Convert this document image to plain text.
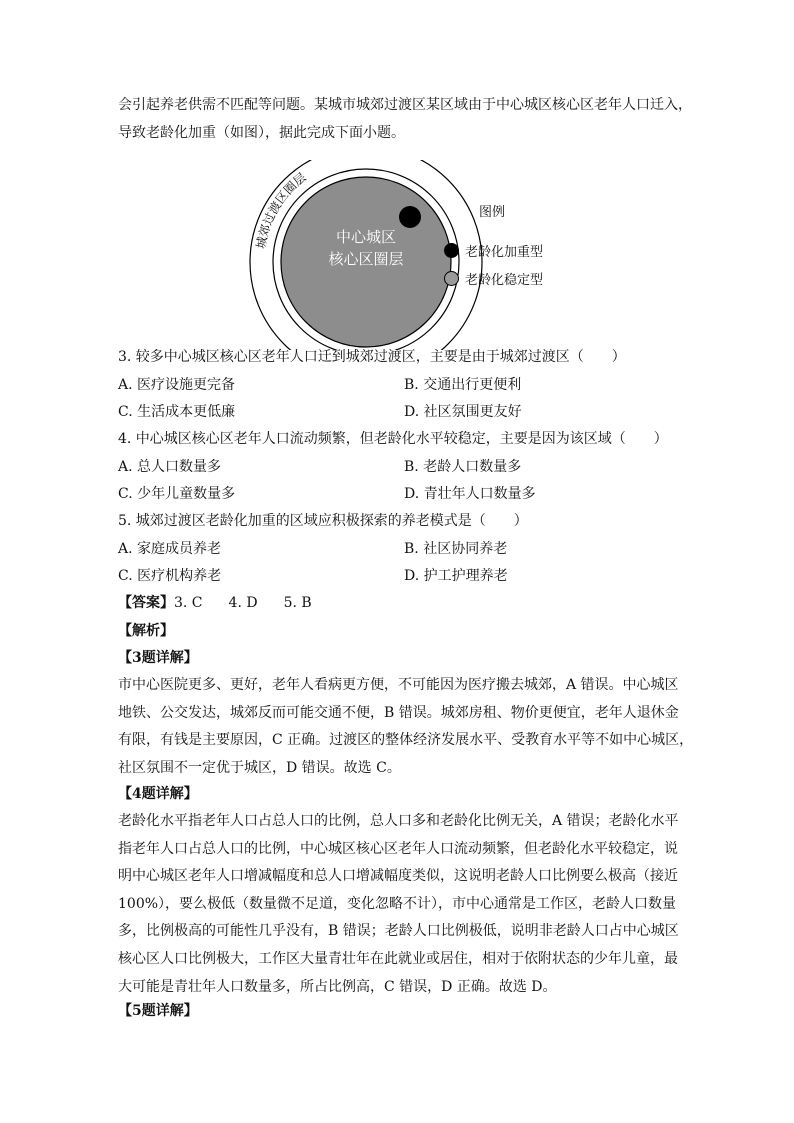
会引起养老供需不匹配等问题。某城市城郊过渡区某区域由于中心城区核心区老年人口迁入，
导致老龄化加重（如图），据此完成下面小题。
中心城区
核心区圈层
城郊过渡区圈层
图例
老龄化加重型
老龄化稳定型
3. 较多中心城区核心区老年人口迁到城郊过渡区，主要是由于城郊过渡区（　　）
A. 医疗设施更完备	B. 交通出行更便利
C. 生活成本更低廉	D. 社区氛围更友好
4. 中心城区核心区老年人口流动频繁，但老龄化水平较稳定，主要是因为该区域（　　）
A. 总人口数量多	B. 老龄人口数量多
C. 少年儿童数量多	D. 青壮年人口数量多
5. 城郊过渡区老龄化加重的区域应积极探索的养老模式是（　　）
A. 家庭成员养老	B. 社区协同养老
C. 医疗机构养老	D. 护工护理养老
【答案】3. C 4. D 5. B
【解析】
【3题详解】
市中心医院更多、更好，老年人看病更方便，不可能因为医疗搬去城郊，A 错误。中心城区
地铁、公交发达，城郊反而可能交通不便，B 错误。城郊房租、物价更便宜，老年人退休金
有限，有钱是主要原因，C 正确。过渡区的整体经济发展水平、受教育水平等不如中心城区，
社区氛围不一定优于城区，D 错误。故选 C。
【4题详解】
老龄化水平指老年人口占总人口的比例，总人口多和老龄化比例无关，A 错误；老龄化水平
指老年人口占总人口的比例，中心城区核心区老年人口流动频繁，但老龄化水平较稳定，说
明中心城区老年人口增减幅度和总人口增减幅度类似，这说明老龄人口比例要么极高（接近
100%），要么极低（数量微不足道，变化忽略不计），市中心通常是工作区，老龄人口数量
多，比例极高的可能性几乎没有，B 错误；老龄人口比例极低，说明非老龄人口占中心城区
核心区人口比例极大，工作区大量青壮年在此就业或居住，相对于依附状态的少年儿童，最
大可能是青壮年人口数量多，所占比例高，C 错误，D 正确。故选 D。
【5题详解】
